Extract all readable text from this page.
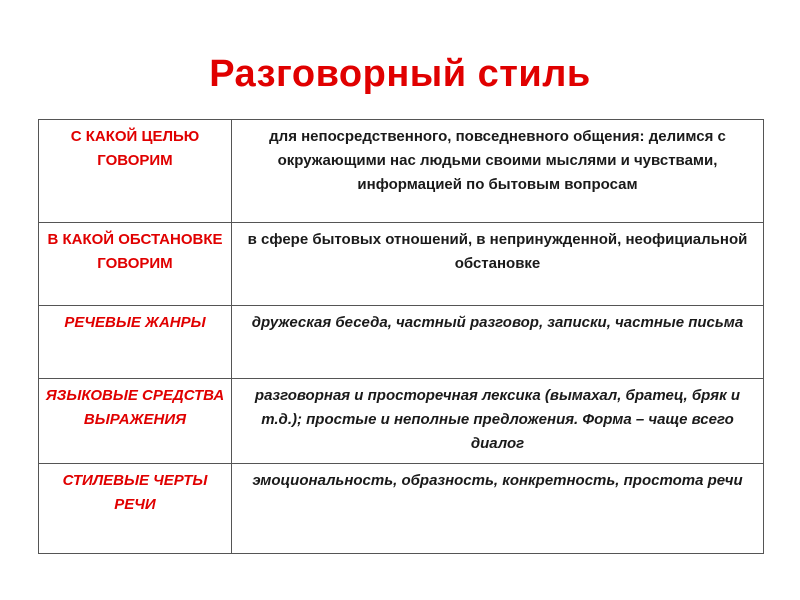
Разговорный стиль
С КАКОЙ ЦЕЛЬЮ ГОВОРИМ	для непосредственного, повседневного общения: делимся с окружающими нас людьми своими мыслями и чувствами, информацией по бытовым вопросам
В КАКОЙ ОБСТАНОВКЕ ГОВОРИМ	в сфере бытовых отношений, в непринужденной, неофициальной обстановке
РЕЧЕВЫЕ ЖАНРЫ	дружеская беседа, частный разговор, записки, частные письма
ЯЗЫКОВЫЕ СРЕДСТВА ВЫРАЖЕНИЯ	разговорная и просторечная лексика (вымахал, братец, бряк и т.д.); простые и неполные предложения. Форма – чаще всего диалог
СТИЛЕВЫЕ ЧЕРТЫ РЕЧИ	эмоциональность, образность, конкретность, простота речи
